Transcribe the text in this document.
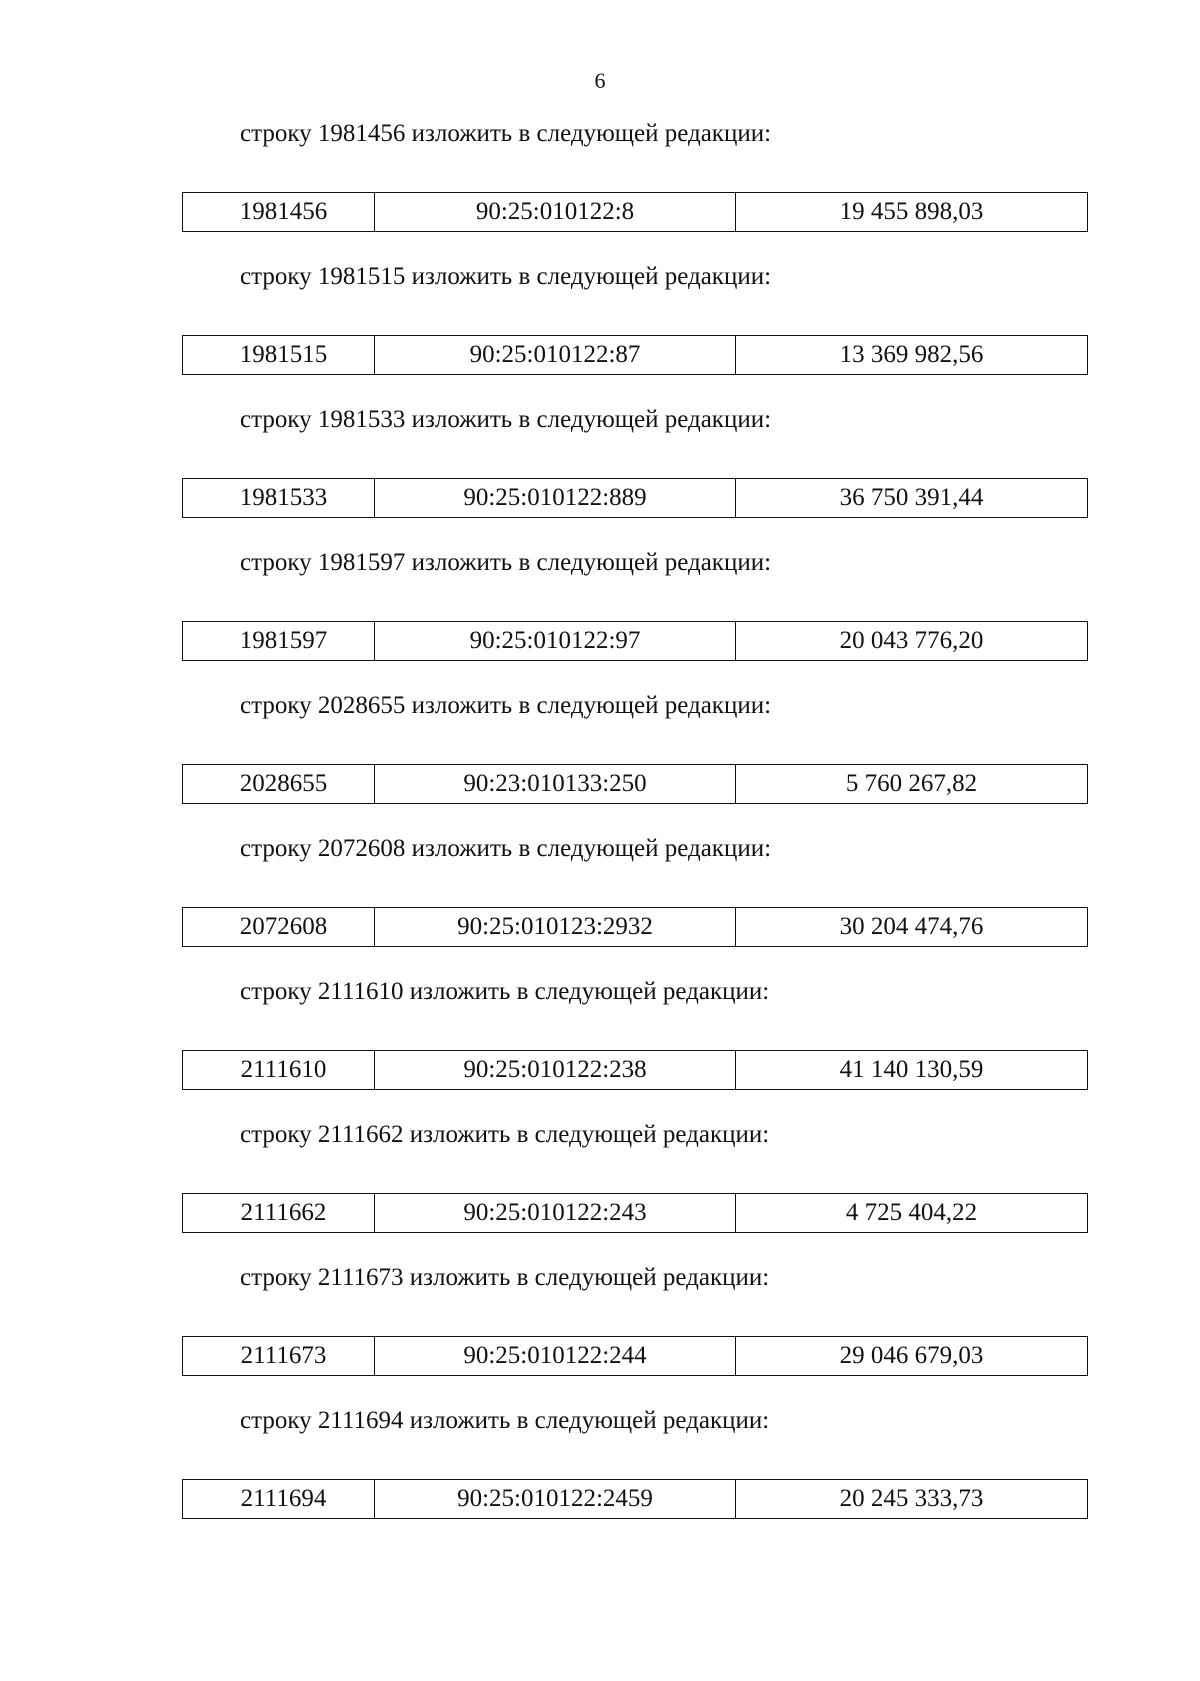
6
строку 1981456 изложить в следующей редакции:
1981456	90:25:010122:8	19 455 898,03
строку 1981515 изложить в следующей редакции:
1981515	90:25:010122:87	13 369 982,56
строку 1981533 изложить в следующей редакции:
1981533	90:25:010122:889	36 750 391,44
строку 1981597 изложить в следующей редакции:
1981597	90:25:010122:97	20 043 776,20
строку 2028655 изложить в следующей редакции:
2028655	90:23:010133:250	5 760 267,82
строку 2072608 изложить в следующей редакции:
2072608	90:25:010123:2932	30 204 474,76
строку 2111610 изложить в следующей редакции:
2111610	90:25:010122:238	41 140 130,59
строку 2111662 изложить в следующей редакции:
2111662	90:25:010122:243	4 725 404,22
строку 2111673 изложить в следующей редакции:
2111673	90:25:010122:244	29 046 679,03
строку 2111694 изложить в следующей редакции:
2111694	90:25:010122:2459	20 245 333,73
